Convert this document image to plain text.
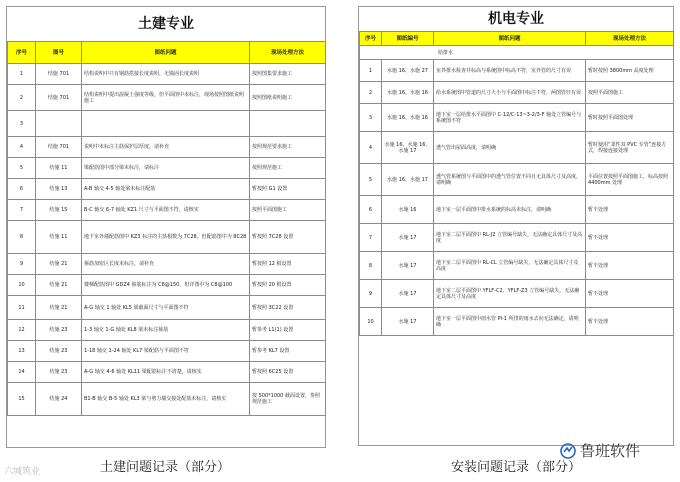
土建专业
序号	图号	图纸问题	现场处理方法
1	结施 701	结构说明中只有钢筋搭接长度说明，无锚固长度说明	按照图集要求施工
2	结施 701	结构说明中提出混凝土强度等级，但平面图中未标注，现场按照图纸说明施工	按照图纸说明施工
3			
4	结施 701	说明中未标注主筋保护层厚度，请补充	按照规范要求施工
5	结施 11	梁配筋图中部分梁未标注，请标注	按照规范施工
6	结施 13	A-B 轴交 4-5 轴处梁未标注配筋	暂按照 G1 设置
7	结施 15	B-C 轴交 6-7 轴处 KZ1 尺寸与平面图不符，请核实	按照平面图施工
8	结施 11	地下室外墙配筋图中 KZ3 标注的主筋根数为 7C28，但配筋图中为 8C28	暂按照 7C28 设置
9	结施 21	箍筋加密区长度未标注，请补充	暂按照 12 根设置
10	结施 21	楼梯配筋图中 GDZ4 箍筋标注为 C8@150，但详图中为 C8@100	暂按照 20 根设置
11	结施 21	A-G 轴交 1 轴处 KL5 梁截面尺寸与平面图不符	暂按照 3C22 设置
12	结施 23	1-3 轴交 1-G 轴处 KL8 梁未标注箍筋	暂参考 L1(1) 设置
13	结施 23	1-18 轴交 1-24 轴处 KL7 梁配筋与平面图不符	暂参考 KL7 设置
14	结施 23	A-G 轴交 4-6 轴处 KL11 梁配筋标注不清楚，请核实	暂按照 6C25 设置
15	结施 24	B1-B 轴交 B-5 轴处 KL3 梁与剪力墙交接处配筋未标注，请核实	按 500*1000 截面设置，参照规范施工
机电专业
序号	图纸编号	图纸问题	现场处理方法
给排水			
1	水施 16、水施 27	室外排水检查井标高与系统图中标高不符，室外管的尺寸有误	暂时按照 3800mm 高度处理
2	水施 16、水施 16	给水系统图中管道的尺寸大小与平面图中标注不符，两图管径有误	按照平面图施工
3	水施 16、水施 16	地下室一层给排水平面图中 C-12/C-13~3-2/3-F 轴处立管编号与系统图不符	暂时按照平面图处理
4	水施 16、水施 16、水施 17	透气管出屋面高度，请明确	暂时使用“柔性双 PVC 专管”连接方式，焊接连接处理
5	水施 16、水施 17	透气管系统图与平面图中的透气管位置不同且无具体尺寸及高度，请明确	平面位置按照平面图施工，标高按照 4400mm 处理
6	水施 16	地下室一层平面图中排水系统的标高未标注，请明确	暂不处理
7	水施 17	地下室二层平面图中 RL-J2 立管编号缺失，无法确定具体尺寸及高度	暂不处理
8	水施 17	地下室二层平面图中 RL-CL 立管编号缺失，无法确定具体尺寸及高度	暂不处理
9	水施 17	地下室二层平面图中 YFLF-C2、YFLF-Z3 立管编号缺失，无法确定具体尺寸及高度	暂不处理
10	水施 17	地下室一层平面图中雨水管 Pl-1 所排的雨水去向无法确定，请明确	暂不处理
土建问题记录（部分）	安装问题记录（部分）
六城筑业
鲁班软件
